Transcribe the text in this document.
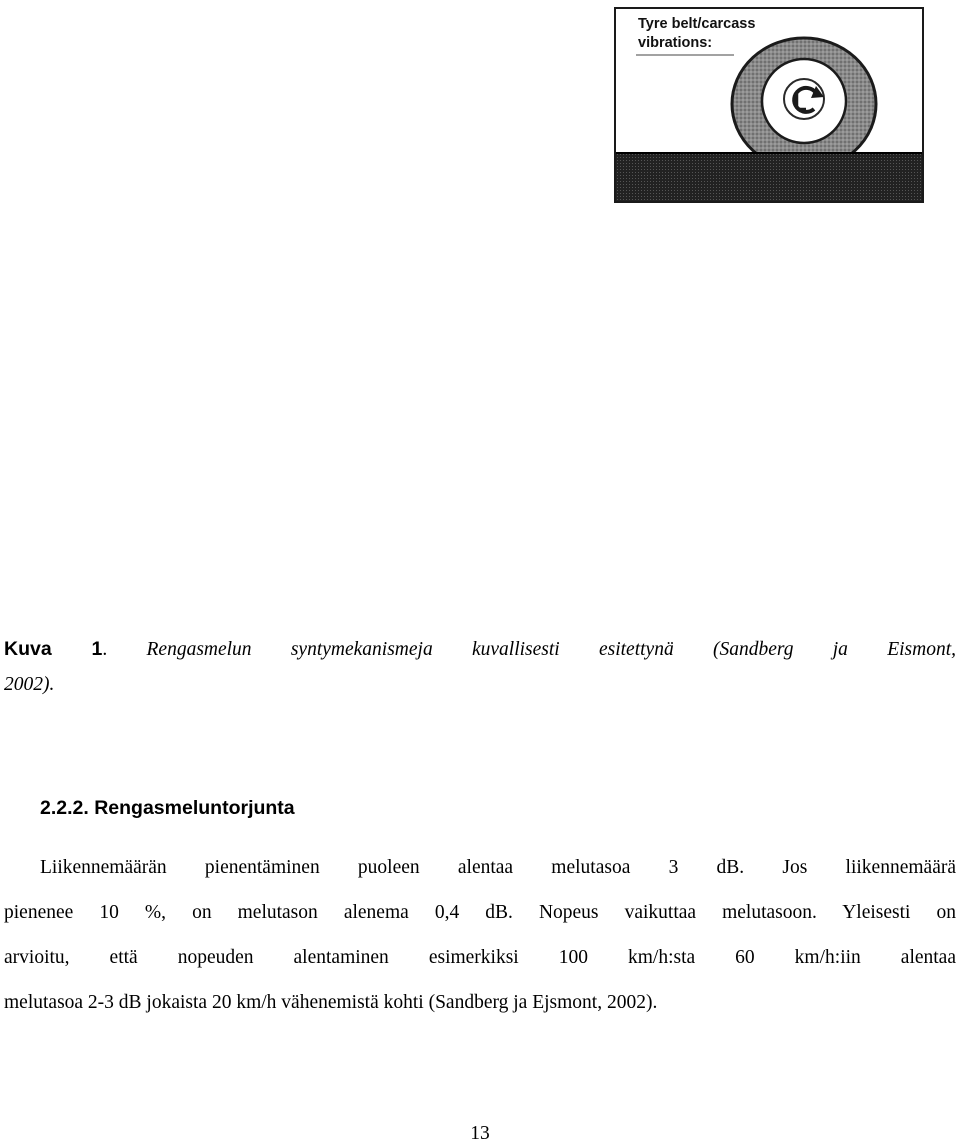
Tyre belt/carcass
vibrations:

Kuva 1. Rengasmelun syntymekanismeja kuvallisesti esitettynä (Sandberg ja Eismont,

2002).

2.2.2. Rengasmeluntorjunta

Liikennemäärän pienentäminen puoleen alentaa melutasoa 3 dB. Jos liikennemäärä

pienenee 10 %, on melutason alenema 0,4 dB. Nopeus vaikuttaa melutasoon. Yleisesti on

arvioitu, että nopeuden alentaminen esimerkiksi 100 km/h:sta 60 km/h:iin alentaa

melutasoa 2-3 dB jokaista 20 km/h vähenemistä kohti (Sandberg ja Ejsmont, 2002).

13
